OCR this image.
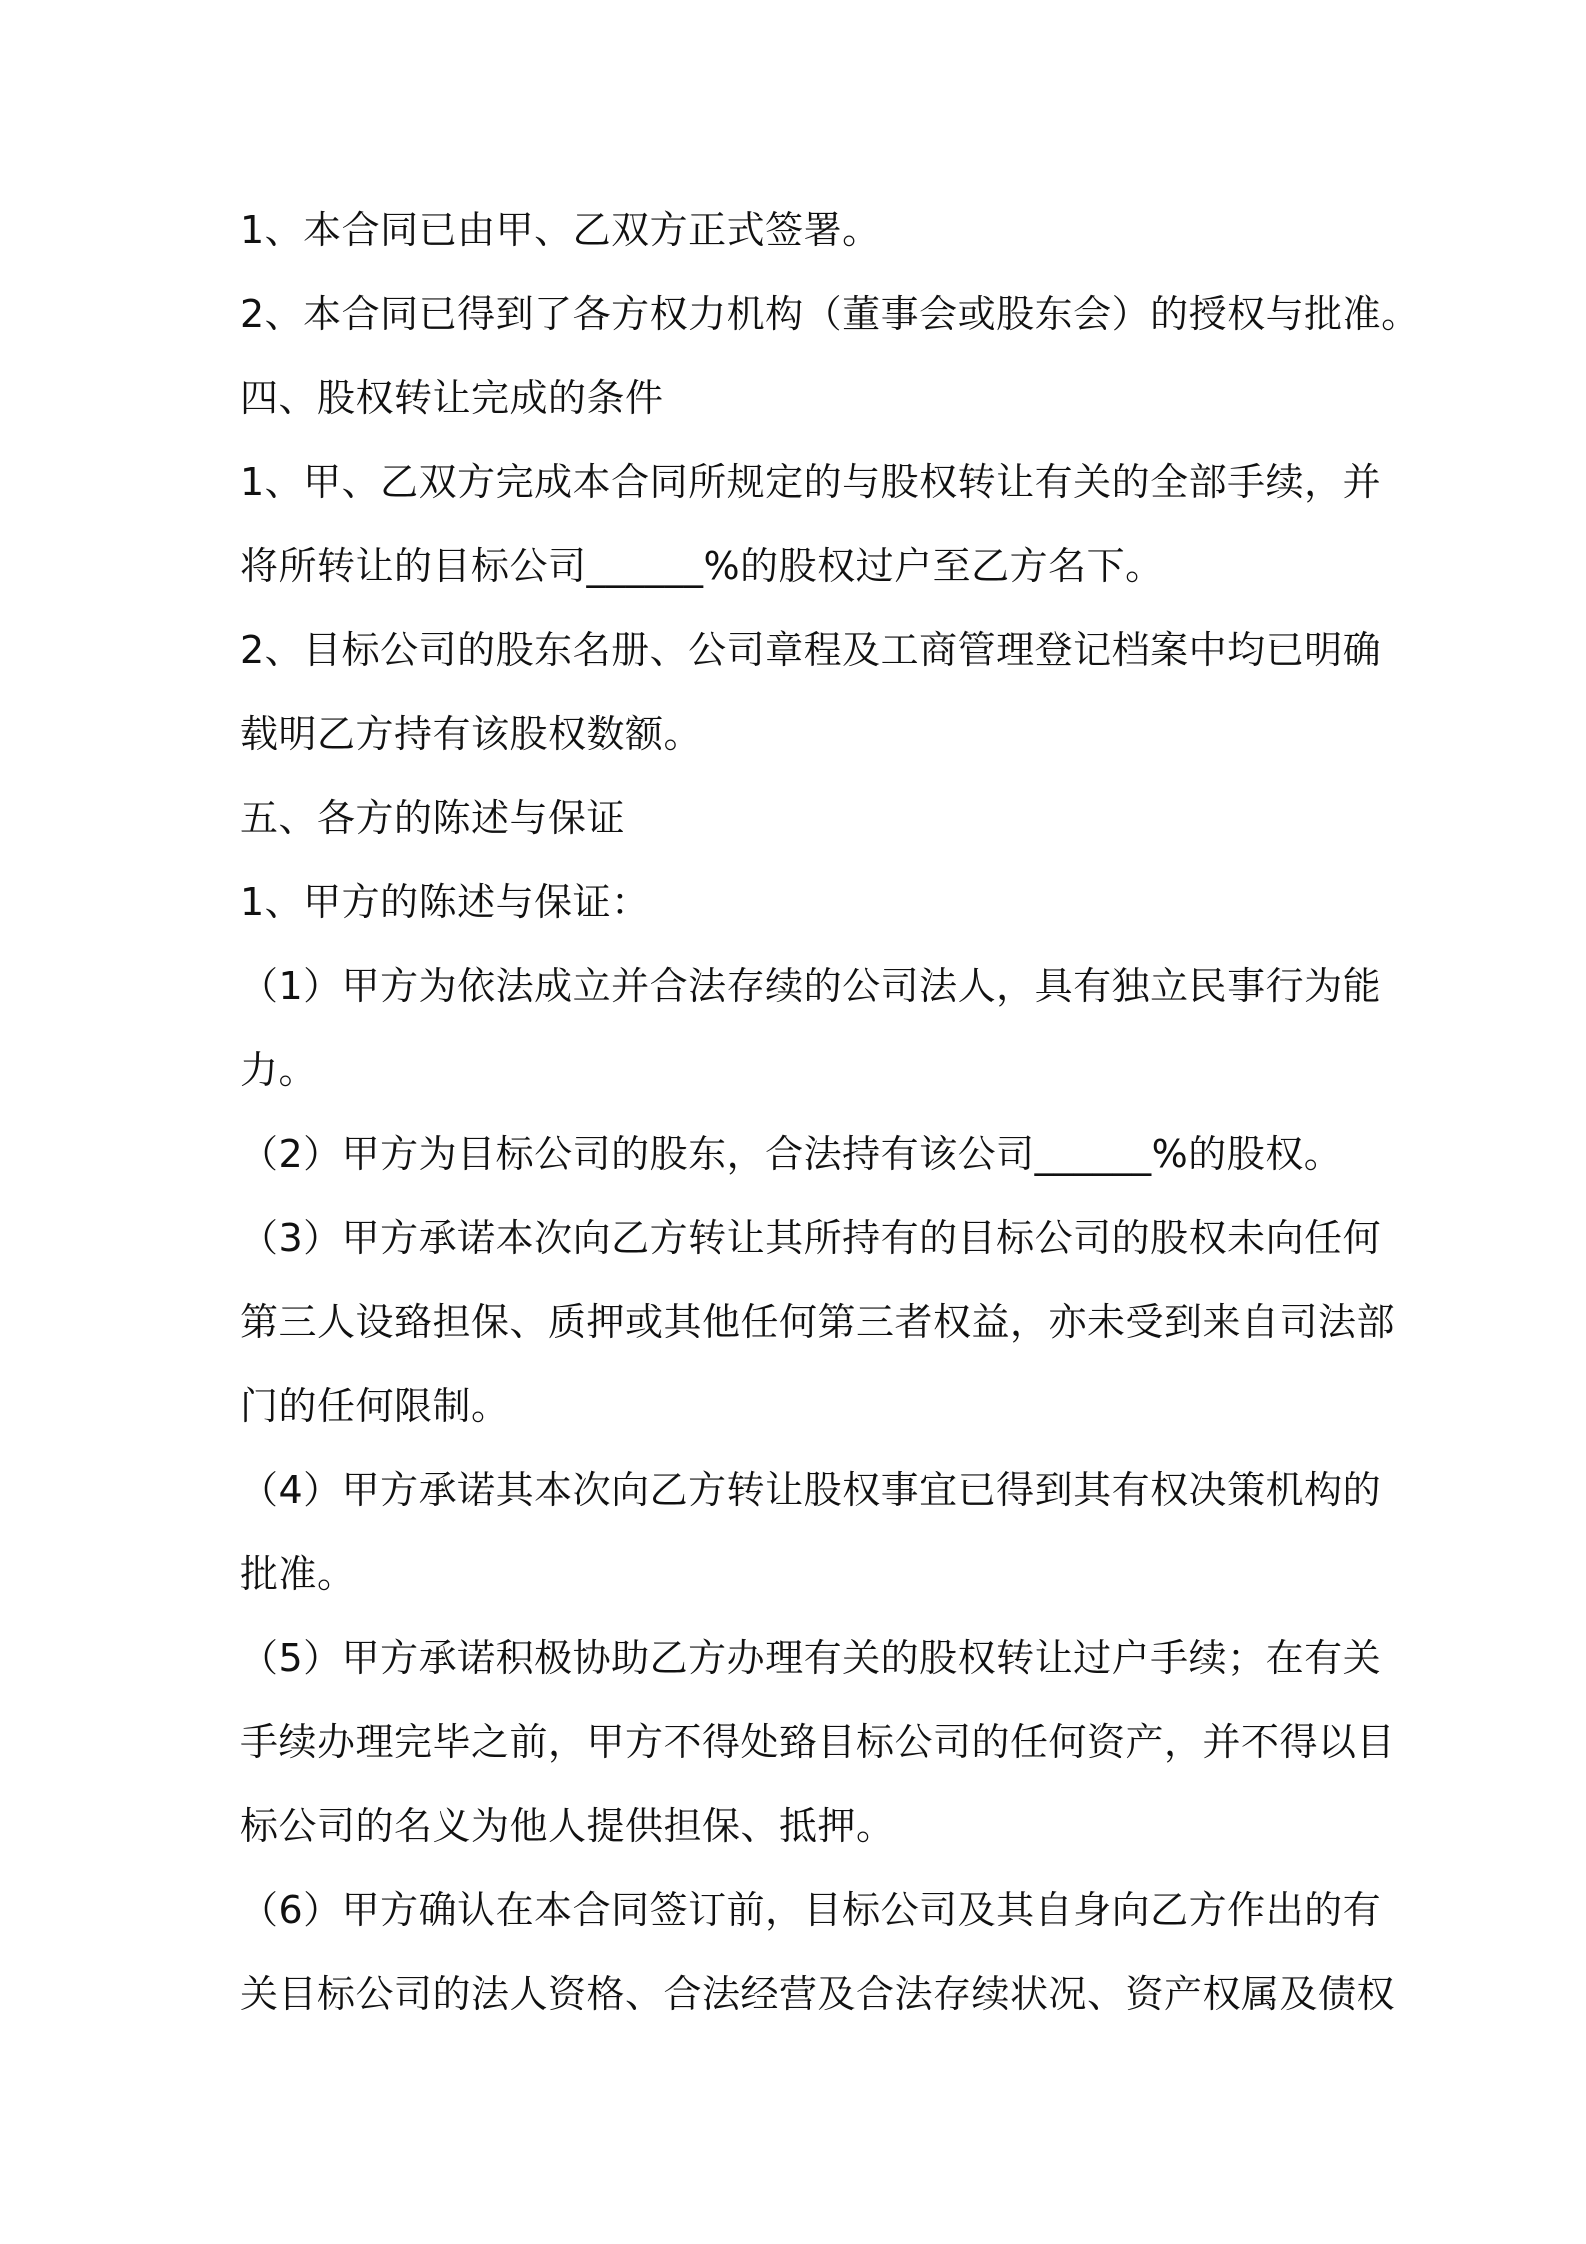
1、本合同已由甲、乙双方正式签署。
2、本合同已得到了各方权力机构（董事会或股东会）的授权与批准。
四、股权转让完成的条件
1、甲、乙双方完成本合同所规定的与股权转让有关的全部手续，并
将所转让的目标公司______%的股权过户至乙方名下。
2、目标公司的股东名册、公司章程及工商管理登记档案中均已明确
载明乙方持有该股权数额。
五、各方的陈述与保证
1、甲方的陈述与保证：
（1）甲方为依法成立并合法存续的公司法人，具有独立民事行为能
力。
（2）甲方为目标公司的股东，合法持有该公司______%的股权。
（3）甲方承诺本次向乙方转让其所持有的目标公司的股权未向任何
第三人设臵担保、质押或其他任何第三者权益，亦未受到来自司法部
门的任何限制。
（4）甲方承诺其本次向乙方转让股权事宜已得到其有权决策机构的
批准。
（5）甲方承诺积极协助乙方办理有关的股权转让过户手续；在有关
手续办理完毕之前，甲方不得处臵目标公司的任何资产，并不得以目
标公司的名义为他人提供担保、抵押。
（6）甲方确认在本合同签订前，目标公司及其自身向乙方作出的有
关目标公司的法人资格、合法经营及合法存续状况、资产权属及债权
